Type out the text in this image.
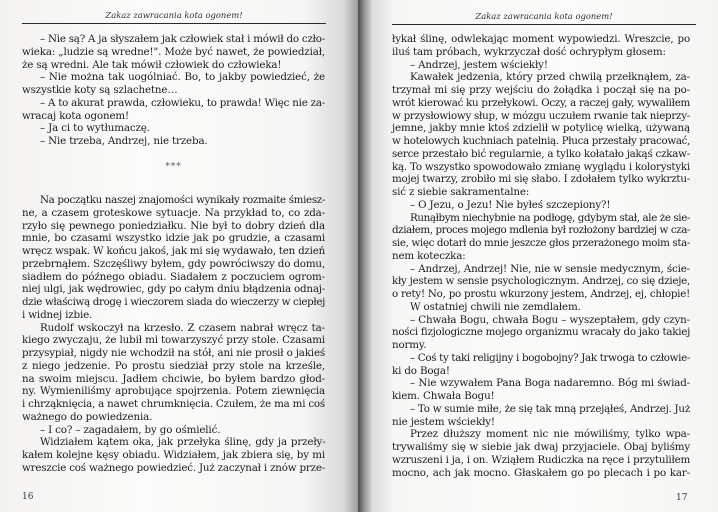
Zakaz zawracania kota ogonem!
– Nie są? A ja słyszałem jak człowiek stał i mówił do czło-
wieka: „ludzie są wredne!". Może być nawet, że powiedział,
że są wredni. Ale tak mówił człowiek do człowieka!
– Nie można tak uogólniać. Bo, to jakby powiedzieć, że
wszystkie koty są szlachetne…
– A to akurat prawda, człowieku, to prawda! Więc nie za-
wracaj kota ogonem!
– Ja ci to wytłumaczę.
– Nie trzeba, Andrzej, nie trzeba.
***
Na początku naszej znajomości wynikały rozmaite śmiesz-
ne, a czasem groteskowe sytuacje. Na przykład to, co zda-
rzyło się pewnego poniedziałku. Nie był to dobry dzień dla
mnie, bo czasami wszystko idzie jak po grudzie, a czasami
wręcz wspak. W końcu jakoś, jak mi się wydawało, ten dzień
przebrnąłem. Szczęśliwy byłem, gdy powróciwszy do domu,
siadłem do późnego obiadu. Siadałem z poczuciem ogrom-
niej ulgi, jak wędrowiec, gdy po całym dniu błądzenia odnaj-
dzie właściwą drogę i wieczorem siada do wieczerzy w ciepłej
i widnej izbie.
Rudolf wskoczył na krzesło. Z czasem nabrał wręcz ta-
kiego zwyczaju, że lubił mi towarzyszyć przy stole. Czasami
przysypiał, nigdy nie wchodził na stół, ani nie prosił o jakieś
z niego jedzenie. Po prostu siedział przy stole na krześle,
na swoim miejscu. Jadłem chciwie, bo byłem bardzo głod-
ny. Wymieniliśmy aprobujące spojrzenia. Potem ziewnięcia
i chrząknięcia, a nawet chrumknięcia. Czułem, że ma mi coś
ważnego do powiedzenia.
– I co? – zagadałem, by go ośmielić.
Widziałem kątem oka, jak przełyka ślinę, gdy ja przeły-
kałem kolejne kęsy obiadu. Widziałem, jak zbiera się, by mi
wreszcie coś ważnego powiedzieć. Już zaczynał i znów prze-
16
Zakaz zawracania kota ogonem!
łykał ślinę, odwlekając moment wypowiedzi. Wreszcie, po
iluś tam próbach, wykrzyczał dość ochrypłym głosem:
– Andrzej, jestem wściekły!
Kawałek jedzenia, który przed chwilą przełknąłem, za-
trzymał mi się przy wejściu do żołądka i począł się na po-
wrót kierować ku przełykowi. Oczy, a raczej gały, wywaliłem
w przysłowiowy słup, w mózgu uczułem rwanie tak nieprzy-
jemne, jakby mnie ktoś zdzielił w potylicę wielką, używaną
w hotelowych kuchniach patelnią. Płuca przestały pracować,
serce przestało bić regularnie, a tylko kołatało jakąś czkaw-
ką. To wszystko spowodowało zmianę wyglądu i kolorystyki
mojej twarzy, zrobiło mi się słabo. I zdołałem tylko wykrztu-
sić z siebie sakramentalne:
– O Jezu, o Jezu! Nie byłeś szczepiony?!
Runąłbym niechybnie na podłogę, gdybym stał, ale że sie-
działem, proces mojego mdlenia był rozłożony bardziej w cza-
sie, więc dotarł do mnie jeszcze głos przerażonego moim sta-
nem koteczka:
– Andrzej, Andrzej! Nie, nie w sensie medycznym, ście-
kły jestem w sensie psychologicznym. Andrzej, co się dzieje,
o rety! No, po prostu wkurzony jestem, Andrzej, ej, chłopie!
W ostatniej chwili nie zemdlałem.
– Chwała Bogu, chwała Bogu – wyszeptałem, gdy czyn-
ności fizjologiczne mojego organizmu wracały do jako takiej
normy.
– Coś ty taki religijny i bogobojny? Jak trwoga to człowie-
ki do Boga!
– Nie wzywałem Pana Boga nadaremno. Bóg mi świad-
kiem. Chwała Bogu!
– To w sumie miłe, że się tak mną przejąłeś, Andrzej. Już
nie jestem wściekły!
Przez dłuższy moment nic nie mówiliśmy, tylko wpa-
trywaliśmy się w siebie jak dwaj przyjaciele. Obaj byliśmy
wzruszeni i ja, i on. Wziąłem Rudiczka na ręce i przytuliłem
mocno, ach jak mocno. Głaskałem go po plecach i po kar-
17
